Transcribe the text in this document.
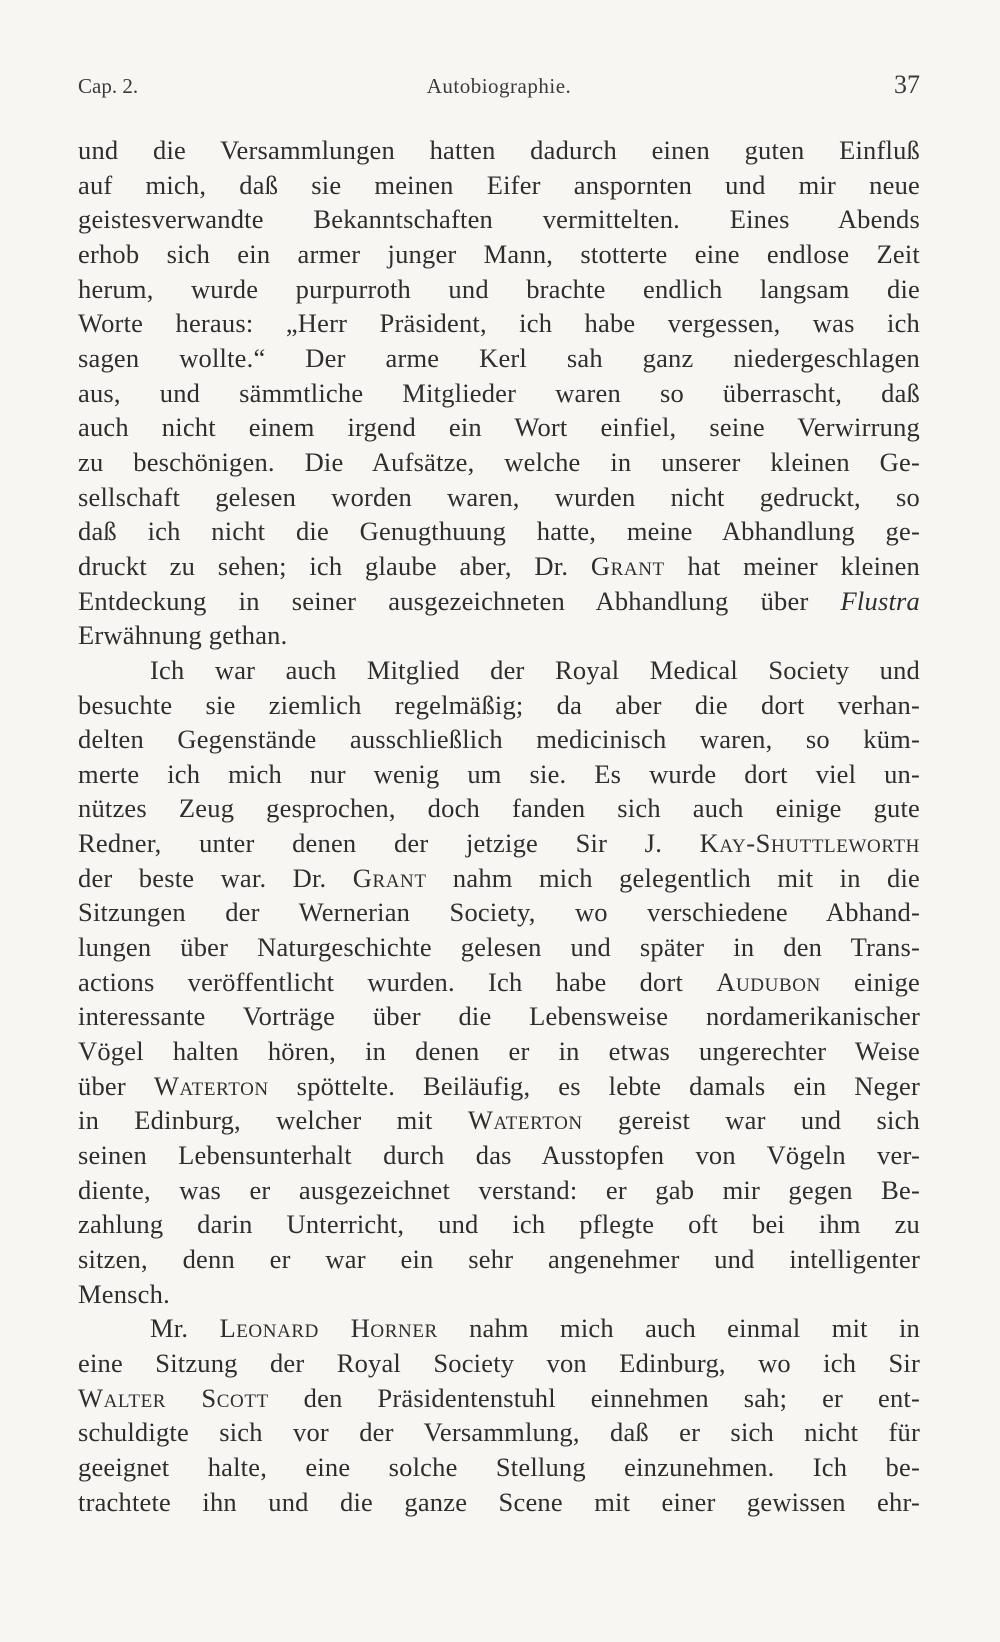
Cap. 2.	Autobiographie.	37
und die Versammlungen hatten dadurch einen guten Einfluß
auf mich, daß sie meinen Eifer anspornten und mir neue
geistesverwandte Bekanntschaften vermittelten. Eines Abends
erhob sich ein armer junger Mann, stotterte eine endlose Zeit
herum, wurde purpurroth und brachte endlich langsam die
Worte heraus: „Herr Präsident, ich habe vergessen, was ich
sagen wollte.“ Der arme Kerl sah ganz niedergeschlagen
aus, und sämmtliche Mitglieder waren so überrascht, daß
auch nicht einem irgend ein Wort einfiel, seine Verwirrung
zu beschönigen. Die Aufsätze, welche in unserer kleinen Ge-
sellschaft gelesen worden waren, wurden nicht gedruckt, so
daß ich nicht die Genugthuung hatte, meine Abhandlung ge-
druckt zu sehen; ich glaube aber, Dr. Grant hat meiner kleinen
Entdeckung in seiner ausgezeichneten Abhandlung über Flustra
Erwähnung gethan.
Ich war auch Mitglied der Royal Medical Society und
besuchte sie ziemlich regelmäßig; da aber die dort verhan-
delten Gegenstände ausschließlich medicinisch waren, so küm-
merte ich mich nur wenig um sie. Es wurde dort viel un-
nützes Zeug gesprochen, doch fanden sich auch einige gute
Redner, unter denen der jetzige Sir J. Kay-Shuttleworth
der beste war. Dr. Grant nahm mich gelegentlich mit in die
Sitzungen der Wernerian Society, wo verschiedene Abhand-
lungen über Naturgeschichte gelesen und später in den Trans-
actions veröffentlicht wurden. Ich habe dort Audubon einige
interessante Vorträge über die Lebensweise nordamerikanischer
Vögel halten hören, in denen er in etwas ungerechter Weise
über Waterton spöttelte. Beiläufig, es lebte damals ein Neger
in Edinburg, welcher mit Waterton gereist war und sich
seinen Lebensunterhalt durch das Ausstopfen von Vögeln ver-
diente, was er ausgezeichnet verstand: er gab mir gegen Be-
zahlung darin Unterricht, und ich pflegte oft bei ihm zu
sitzen, denn er war ein sehr angenehmer und intelligenter
Mensch.
Mr. Leonard Horner nahm mich auch einmal mit in
eine Sitzung der Royal Society von Edinburg, wo ich Sir
Walter Scott den Präsidentenstuhl einnehmen sah; er ent-
schuldigte sich vor der Versammlung, daß er sich nicht für
geeignet halte, eine solche Stellung einzunehmen. Ich be-
trachtete ihn und die ganze Scene mit einer gewissen ehr-
